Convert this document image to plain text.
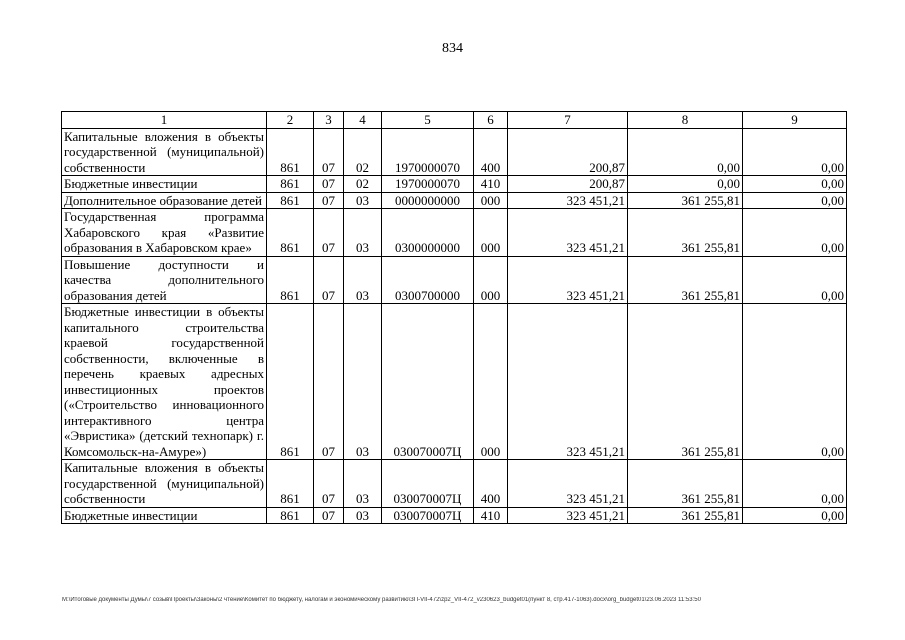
834
1	2	3	4	5	6	7	8	9
Капитальные вложения в объекты государственной (муниципальной) собственности	861	07	02	1970000070	400	200,87	0,00	0,00
Бюджетные инвестиции	861	07	02	1970000070	410	200,87	0,00	0,00
Дополнительное образование детей	861	07	03	0000000000	000	323 451,21	361 255,81	0,00
Государственная программа Хабаровского края «Развитие образования в Хабаровском крае»	861	07	03	0300000000	000	323 451,21	361 255,81	0,00
Повышение доступности и качества дополнительного образования детей	861	07	03	0300700000	000	323 451,21	361 255,81	0,00
Бюджетные инвестиции в объекты капитального строительства краевой государственной собственности, включенные в перечень краевых адресных инвестиционных проектов («Строительство инновационного интерактивного центра «Эвристика» (детский технопарк) г. Комсомольск-на-Амуре»)	861	07	03	030070007Ц	000	323 451,21	361 255,81	0,00
Капитальные вложения в объекты государственной (муниципальной) собственности	861	07	03	030070007Ц	400	323 451,21	361 255,81	0,00
Бюджетные инвестиции	861	07	03	030070007Ц	410	323 451,21	361 255,81	0,00
M:\Итоговые документы Думы\7 созыв\Проекты\Законы\2 чтение\Комитет по бюджету, налогам и экономическому развитию\ЗП-VII-472\zp2_VII-472_v230623_budget01(пункт 8, стр.417-1063).docx\org_budget01\23.06.2023 11:53:50
